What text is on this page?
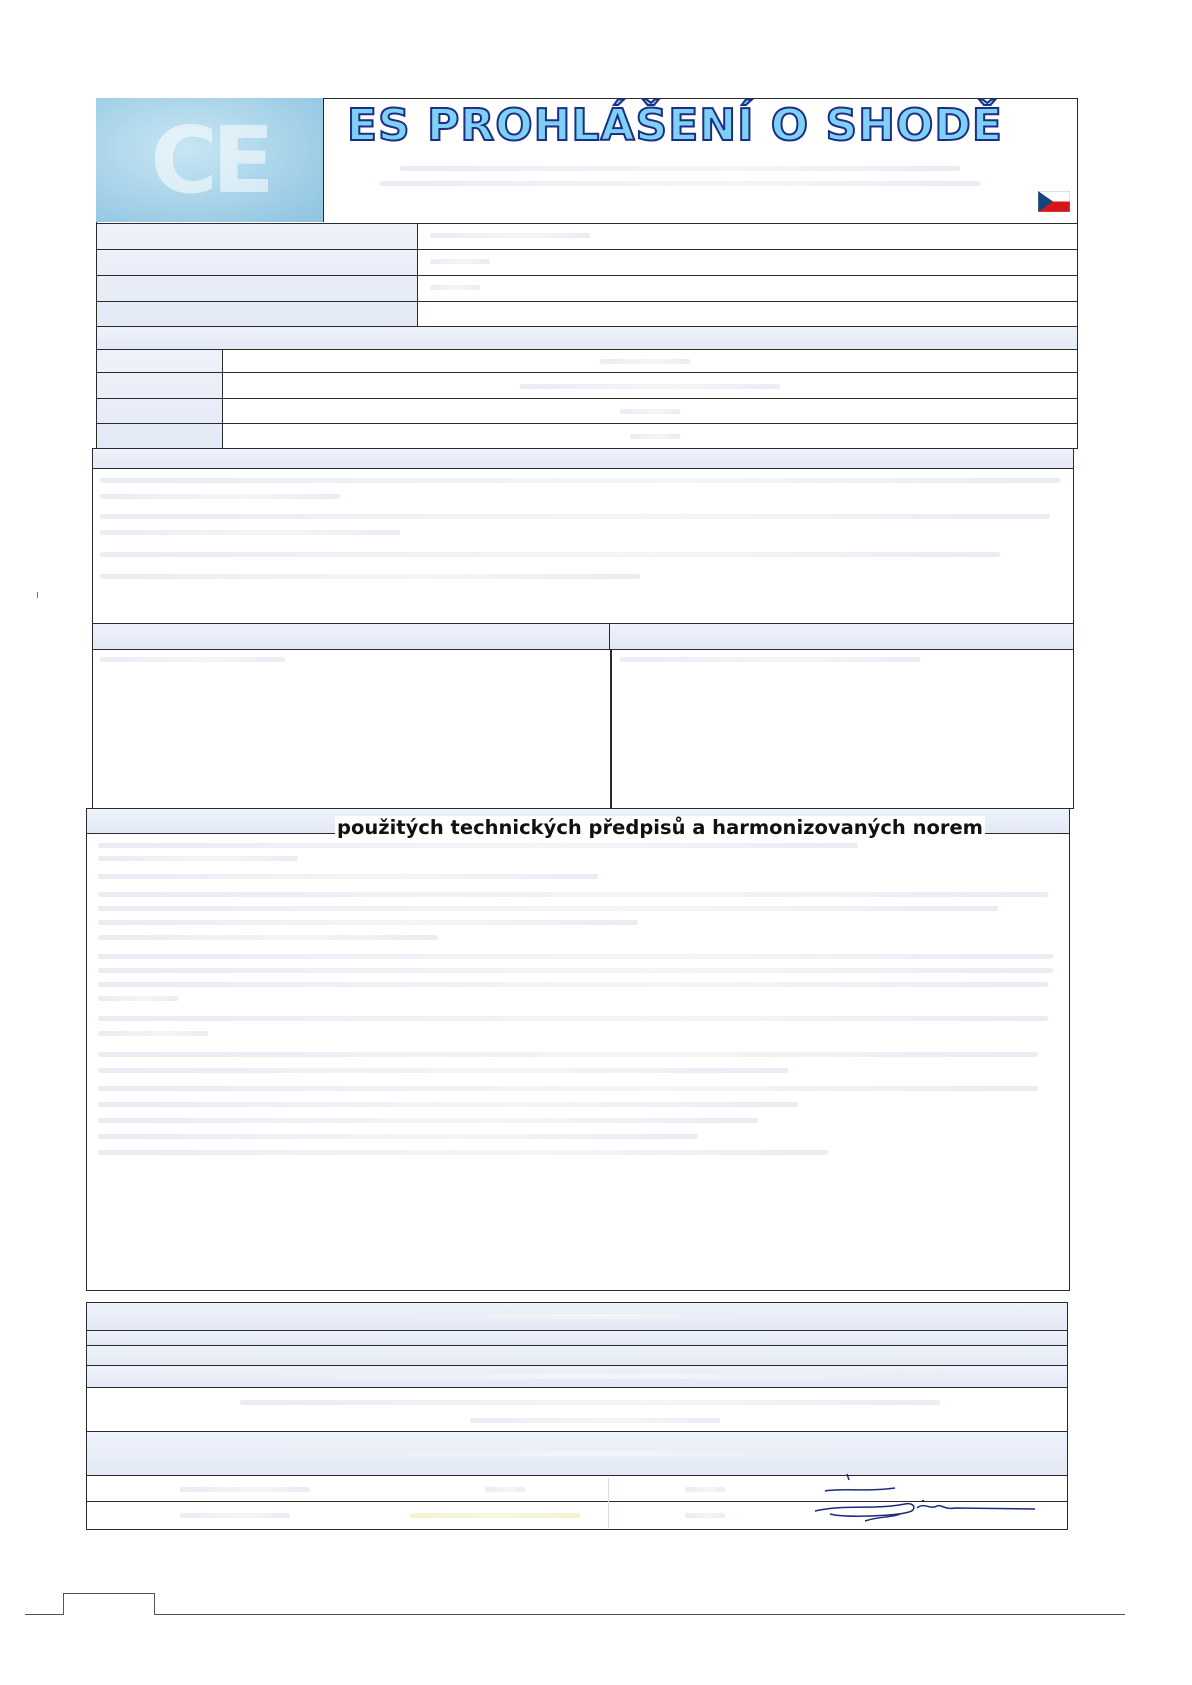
CE	ES PROHLÁŠENÍ O SHODĚ
použitých technických předpisů a harmonizovaných norem
